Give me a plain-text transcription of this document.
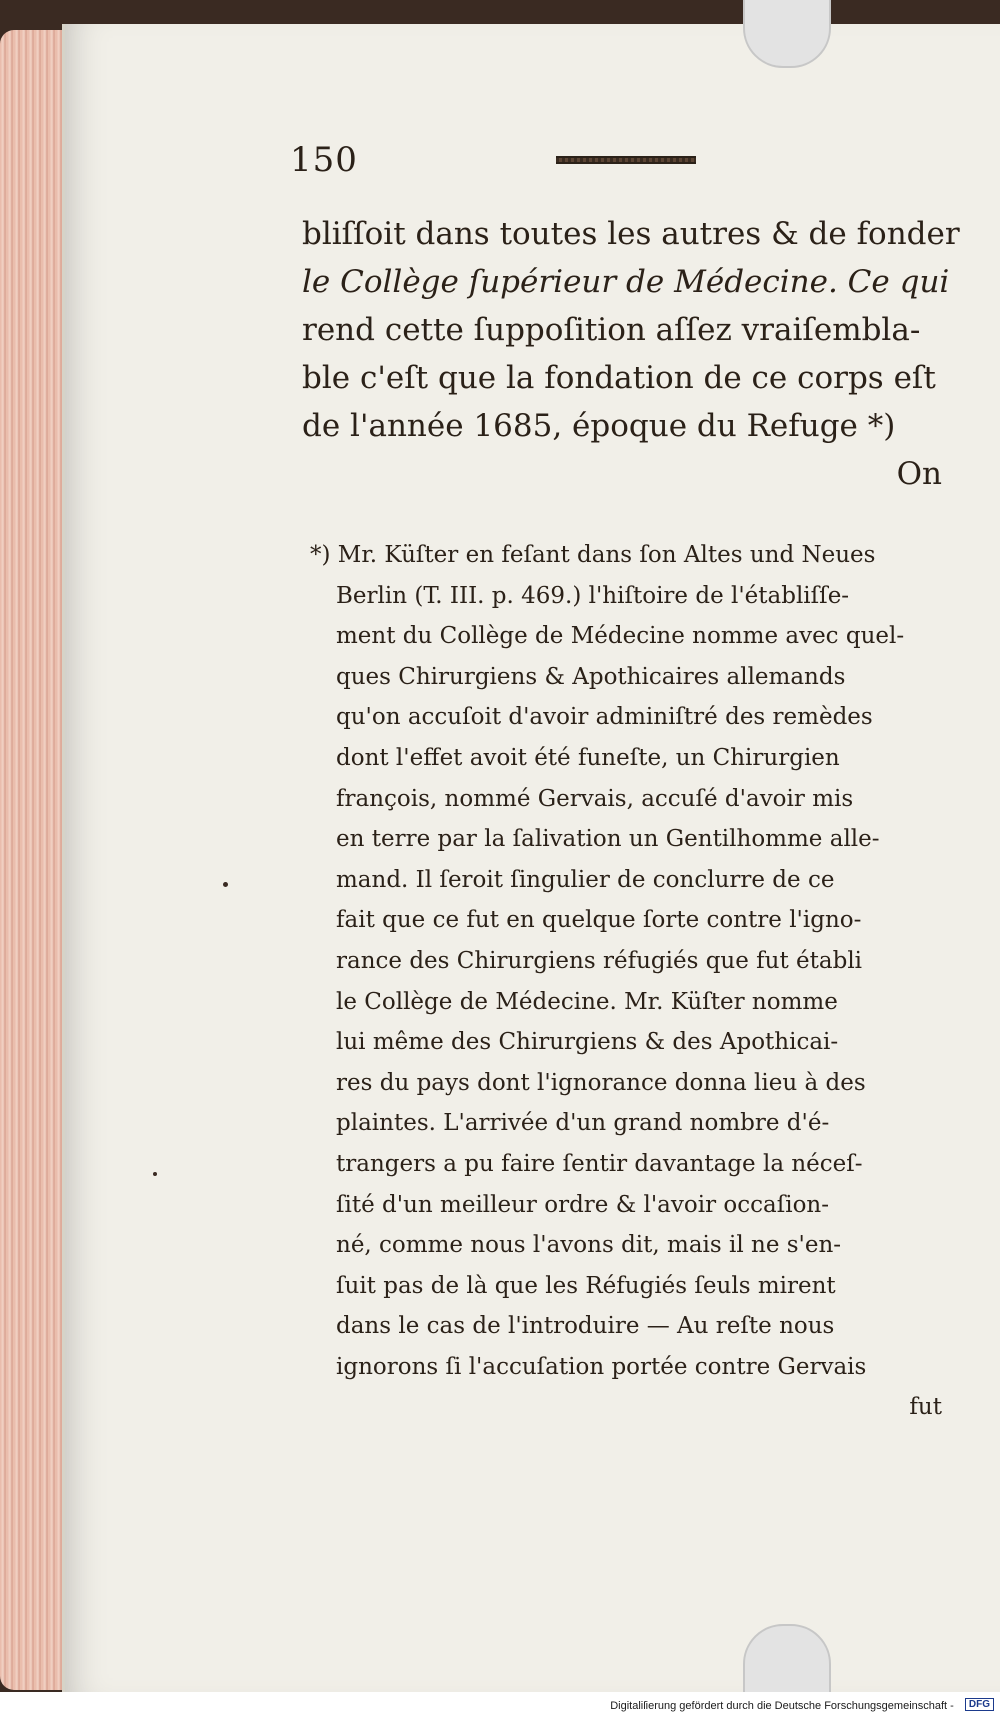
150
bliſſoit dans toutes les autres & de fonder
le Collège ſupérieur de Médecine. Ce qui
rend cette ſuppoſition aſſez vraiſembla-
ble c'eſt que la fondation de ce corps eſt
de l'année 1685, époque du Refuge *)
On
*) Mr. Küſter en feſant dans ſon Altes und Neues
Berlin (T. III. p. 469.) l'hiſtoire de l'établiſſe-
ment du Collège de Médecine nomme avec quel-
ques Chirurgiens & Apothicaires allemands
qu'on accuſoit d'avoir adminiſtré des remèdes
dont l'effet avoit été funeſte, un Chirurgien
françois, nommé Gervais, accuſé d'avoir mis
en terre par la ſalivation un Gentilhomme alle-
mand. Il ſeroit ſingulier de conclurre de ce
fait que ce fut en quelque ſorte contre l'igno-
rance des Chirurgiens réfugiés que fut établi
le Collège de Médecine. Mr. Küſter nomme
lui même des Chirurgiens & des Apothicai-
res du pays dont l'ignorance donna lieu à des
plaintes. L'arrivée d'un grand nombre d'é-
trangers a pu faire ſentir davantage la néceſ-
ſité d'un meilleur ordre & l'avoir occaſion-
né, comme nous l'avons dit, mais il ne s'en-
ſuit pas de là que les Réfugiés ſeuls mirent
dans le cas de l'introduire — Au reſte nous
ignorons ſi l'accuſation portée contre Gervais
fut
Digitaliſierung gefördert durch die Deutsche Forschungsgemeinschaft - DFG
